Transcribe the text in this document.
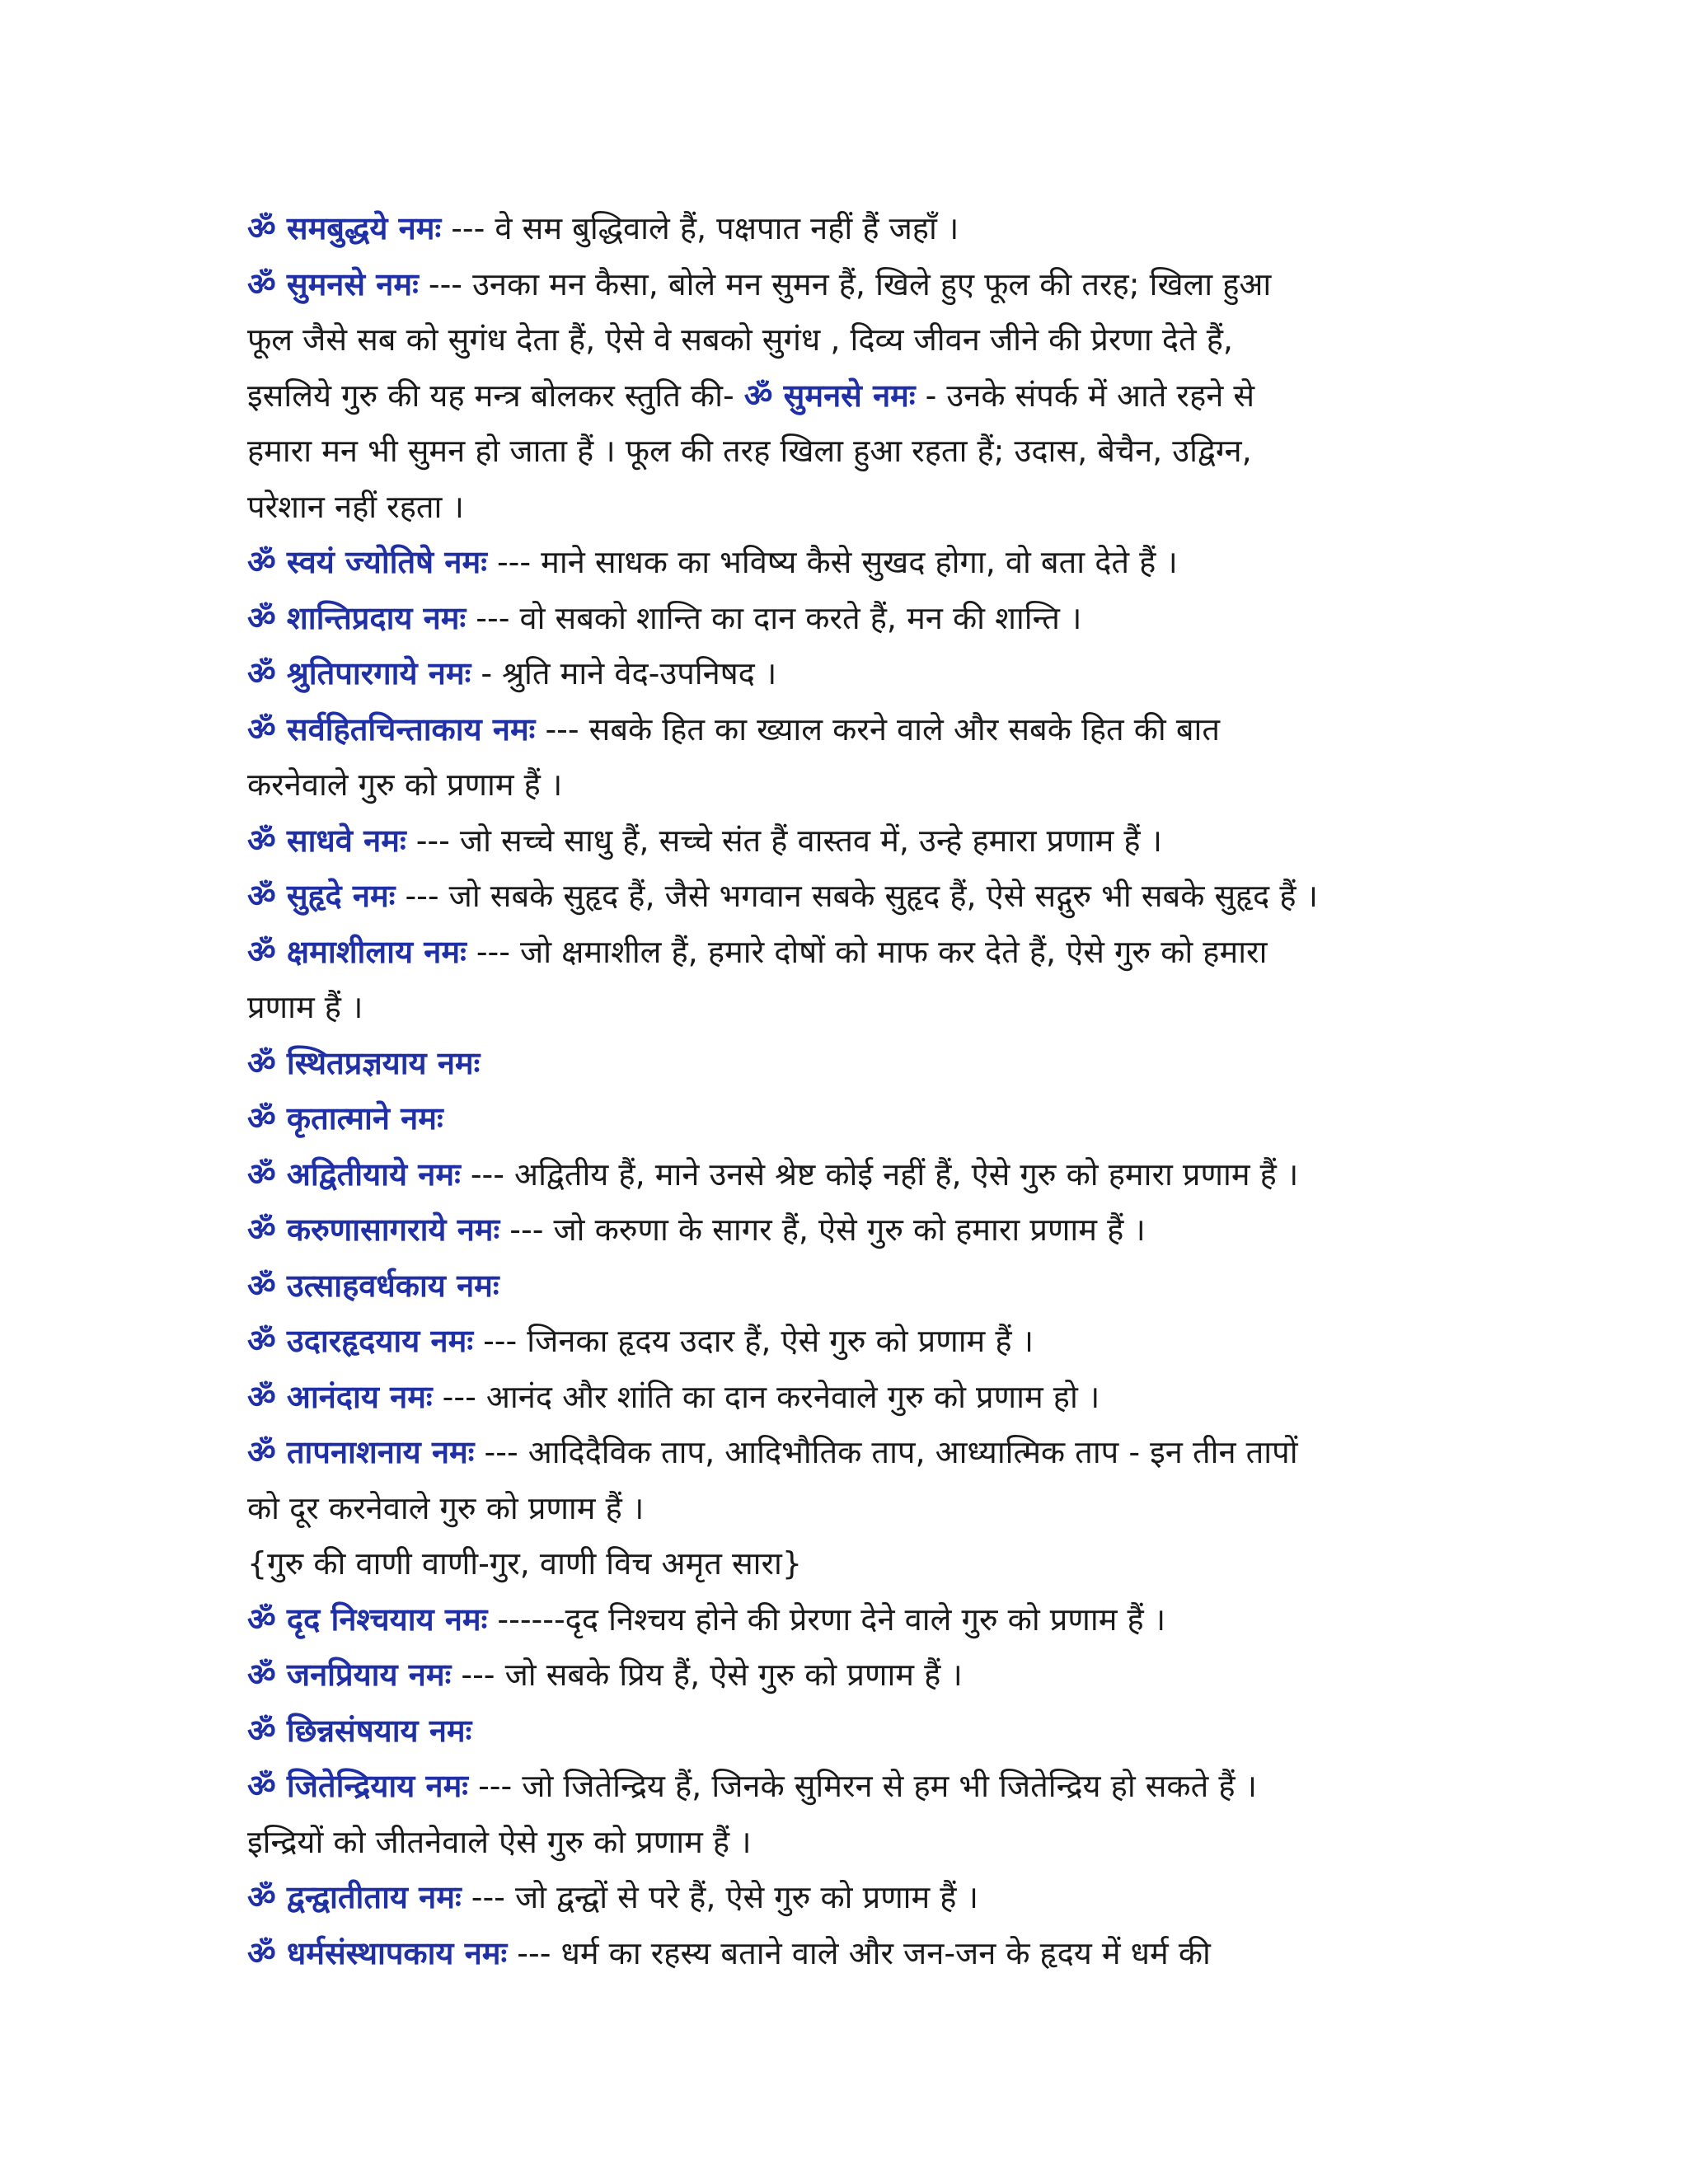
ॐ समबुद्धये नमः --- वे सम बुद्धिवाले हैं, पक्षपात नहीं हैं जहाँ ।
ॐ सुमनसे नमः --- उनका मन कैसा, बोले मन सुमन हैं, खिले हुए फूल की तरह; खिला हुआ
फूल जैसे सब को सुगंध देता हैं, ऐसे वे सबको सुगंध , दिव्य जीवन जीने की प्रेरणा देते हैं,
इसलिये गुरु की यह मन्त्र बोलकर स्तुति की- ॐ सुमनसे नमः - उनके संपर्क में आते रहने से
हमारा मन भी सुमन हो जाता हैं । फूल की तरह खिला हुआ रहता हैं; उदास, बेचैन, उद्विग्न,
परेशान नहीं रहता ।
ॐ स्वयं ज्योतिषे नमः --- माने साधक का भविष्य कैसे सुखद होगा, वो बता देते हैं ।
ॐ शान्तिप्रदाय नमः --- वो सबको शान्ति का दान करते हैं, मन की शान्ति ।
ॐ श्रुतिपारगाये नमः - श्रुति माने वेद-उपनिषद ।
ॐ सर्वहितचिन्ताकाय नमः --- सबके हित का ख्याल करने वाले और सबके हित की बात
करनेवाले गुरु को प्रणाम हैं ।
ॐ साधवे नमः --- जो सच्चे साधु हैं, सच्चे संत हैं वास्तव में, उन्हे हमारा प्रणाम हैं ।
ॐ सुहृदे नमः --- जो सबके सुहृद हैं, जैसे भगवान सबके सुहृद हैं, ऐसे सद्गुरु भी सबके सुहृद हैं ।
ॐ क्षमाशीलाय नमः --- जो क्षमाशील हैं, हमारे दोषों को माफ कर देते हैं, ऐसे गुरु को हमारा
प्रणाम हैं ।
ॐ स्थितप्रज्ञयाय नमः
ॐ कृतात्माने नमः
ॐ अद्वितीयाये नमः --- अद्वितीय हैं, माने उनसे श्रेष्ट कोई नहीं हैं, ऐसे गुरु को हमारा प्रणाम हैं ।
ॐ करुणासागराये नमः --- जो करुणा के सागर हैं, ऐसे गुरु को हमारा प्रणाम हैं ।
ॐ उत्साहवर्धकाय नमः
ॐ उदारहृदयाय नमः --- जिनका हृदय उदार हैं, ऐसे गुरु को प्रणाम हैं ।
ॐ आनंदाय नमः --- आनंद और शांति का दान करनेवाले गुरु को प्रणाम हो ।
ॐ तापनाशनाय नमः --- आदिदैविक ताप, आदिभौतिक ताप, आध्यात्मिक ताप - इन तीन तापों
को दूर करनेवाले गुरु को प्रणाम हैं ।
{गुरु की वाणी वाणी-गुर, वाणी विच अमृत सारा}
ॐ दृद निश्चयाय नमः ------दृद निश्चय होने की प्रेरणा देने वाले गुरु को प्रणाम हैं ।
ॐ जनप्रियाय नमः --- जो सबके प्रिय हैं, ऐसे गुरु को प्रणाम हैं ।
ॐ छिन्नसंषयाय नमः
ॐ जितेन्द्रियाय नमः --- जो जितेन्द्रिय हैं, जिनके सुमिरन से हम भी जितेन्द्रिय हो सकते हैं ।
इन्द्रियों को जीतनेवाले ऐसे गुरु को प्रणाम हैं ।
ॐ द्वन्द्वातीताय नमः --- जो द्वन्द्वों से परे हैं, ऐसे गुरु को प्रणाम हैं ।
ॐ धर्मसंस्थापकाय नमः --- धर्म का रहस्य बताने वाले और जन-जन के हृदय में धर्म की
